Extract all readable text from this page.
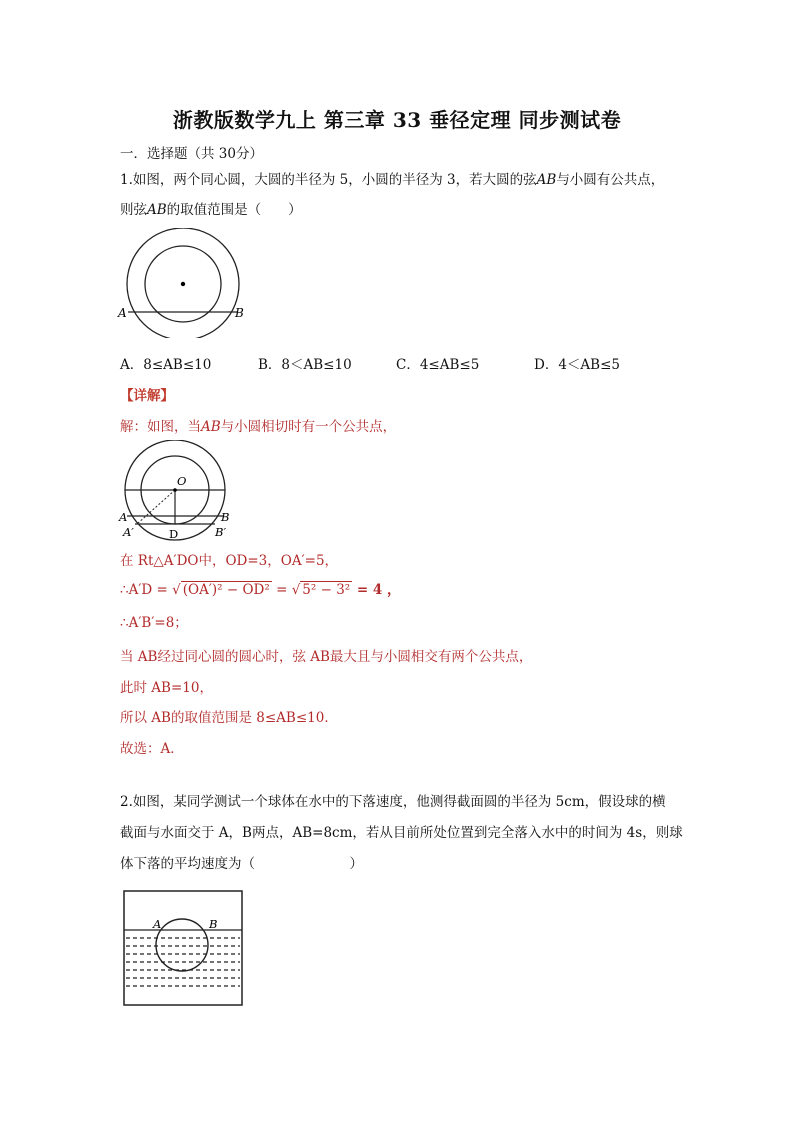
浙教版数学九上 第三章 33 垂径定理 同步测试卷
一．选择题（共 30分）
1.如图，两个同心圆，大圆的半径为 5，小圆的半径为 3，若大圆的弦AB与小圆有公共点，
则弦AB的取值范围是（　　）
A	B
A．8≤AB≤10	B．8＜AB≤10	C．4≤AB≤5	D．4＜AB≤5
【详解】
解：如图，当AB与小圆相切时有一个公共点，
O
A	B
A′	B′
D
在 Rt△A′DO中，OD=3，OA′=5，
∴A′D = √ (OA′)² − OD² = √ 5² − 3² = 4 ，
∴A′B′=8；
当 AB经过同心圆的圆心时，弦 AB最大且与小圆相交有两个公共点，
此时 AB=10，
所以 AB的取值范围是 8≤AB≤10．
故选：A．
2.如图，某同学测试一个球体在水中的下落速度，他测得截面圆的半径为 5cm，假设球的横
截面与水面交于 A，B两点，AB=8cm，若从目前所处位置到完全落入水中的时间为 4s，则球
体下落的平均速度为（　　　　　　　）
A	B
